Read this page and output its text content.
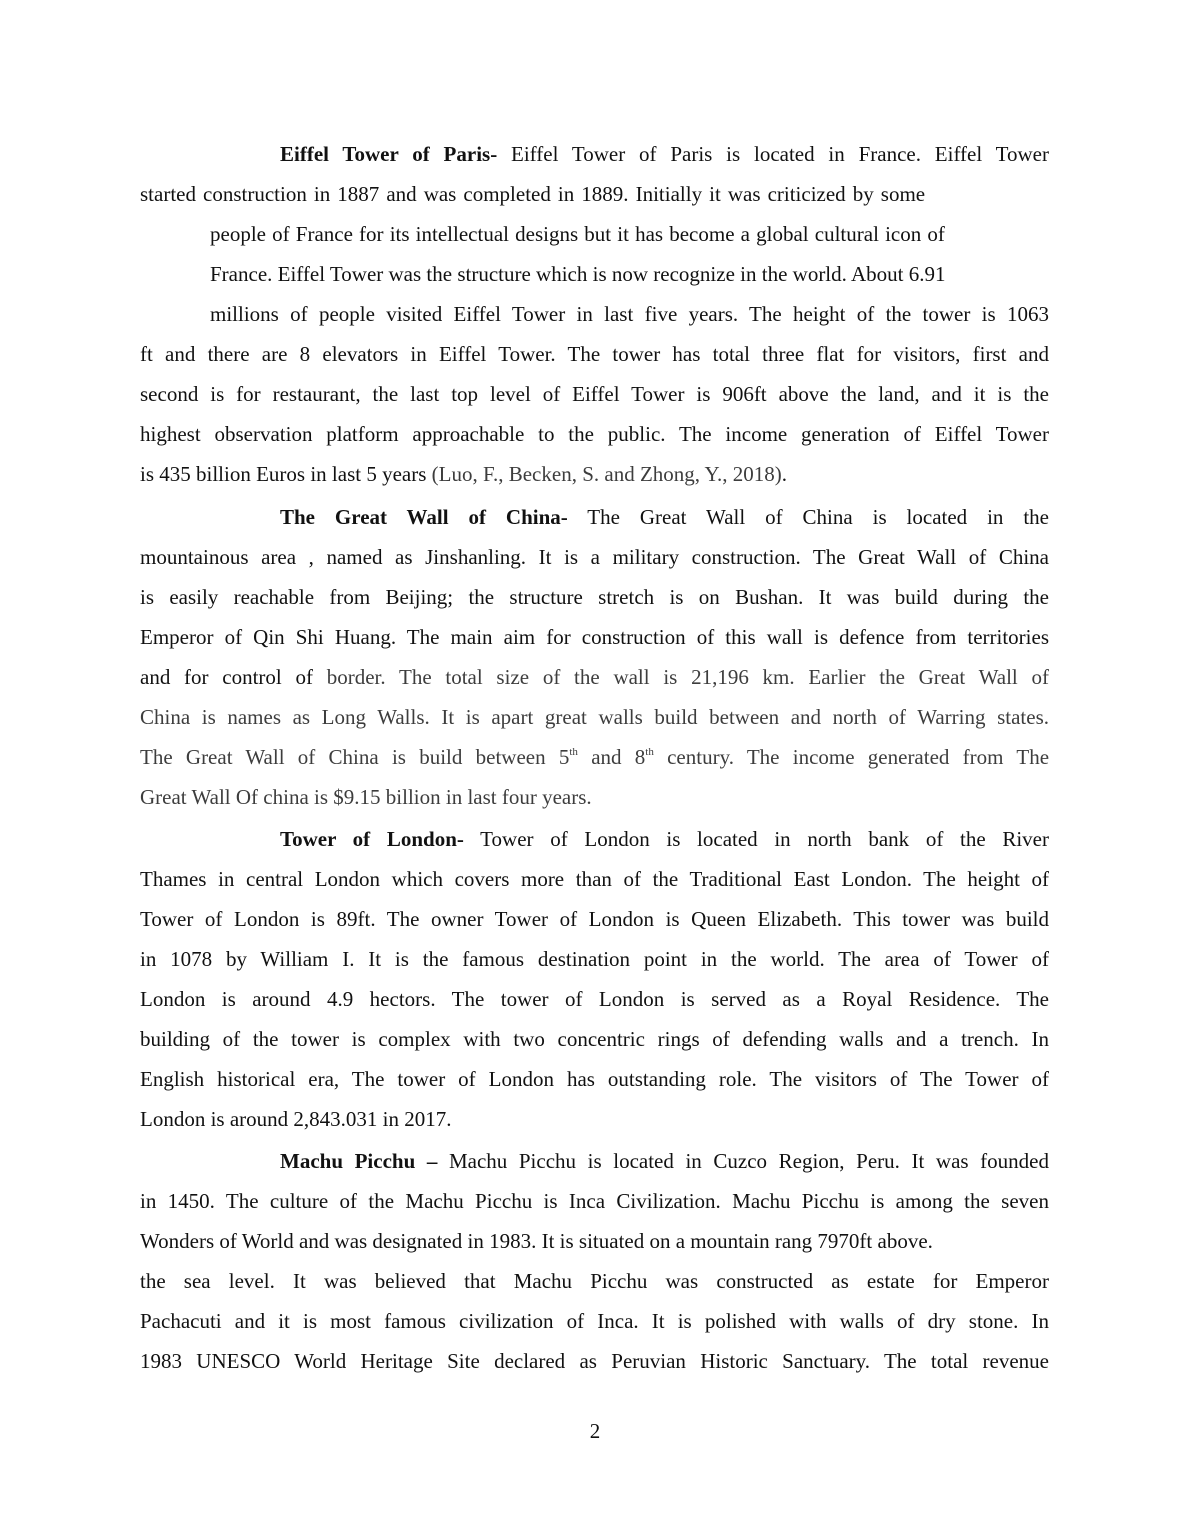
Eiffel Tower of Paris- Eiffel Tower of Paris is located in France. Eiffel Tower
started construction in 1887 and was completed in 1889. Initially it was criticized by some
people of France for its intellectual designs but it has become a global cultural icon of
France. Eiffel Tower was the structure which is now recognize in the world. About 6.91
millions of people visited Eiffel Tower in last five years. The height of the tower is 1063
ft and there are 8 elevators in Eiffel Tower. The tower has total three flat for visitors, first and
second is for restaurant, the last top level of Eiffel Tower is 906ft above the land, and it is the
highest observation platform approachable to the public. The income generation of Eiffel Tower
is 435 billion Euros in last 5 years (Luo, F., Becken, S. and Zhong, Y., 2018).
The Great Wall of China- The Great Wall of China is located in the
mountainous area , named as Jinshanling. It is a military construction. The Great Wall of China
is easily reachable from Beijing; the structure stretch is on Bushan. It was build during the
Emperor of Qin Shi Huang. The main aim for construction of this wall is defence from territories
and for control of border. The total size of the wall is 21,196 km. Earlier the Great Wall of
China is names as Long Walls. It is apart great walls build between and north of Warring states.
The Great Wall of China is build between 5th and 8th century. The income generated from The
Great Wall Of china is $9.15 billion in last four years.
Tower of London- Tower of London is located in north bank of the River
Thames in central London which covers more than of the Traditional East London. The height of
Tower of London is 89ft. The owner Tower of London is Queen Elizabeth. This tower was build
in 1078 by William I. It is the famous destination point in the world. The area of Tower of
London is around 4.9 hectors. The tower of London is served as a Royal Residence. The
building of the tower is complex with two concentric rings of defending walls and a trench. In
English historical era, The tower of London has outstanding role. The visitors of The Tower of
London is around 2,843.031 in 2017.
Machu Picchu – Machu Picchu is located in Cuzco Region, Peru. It was founded
in 1450. The culture of the Machu Picchu is Inca Civilization. Machu Picchu is among the seven
Wonders of World and was designated in 1983. It is situated on a mountain rang 7970ft above.
the sea level. It was believed that Machu Picchu was constructed as estate for Emperor
Pachacuti and it is most famous civilization of Inca. It is polished with walls of dry stone. In
1983 UNESCO World Heritage Site declared as Peruvian Historic Sanctuary. The total revenue
2
